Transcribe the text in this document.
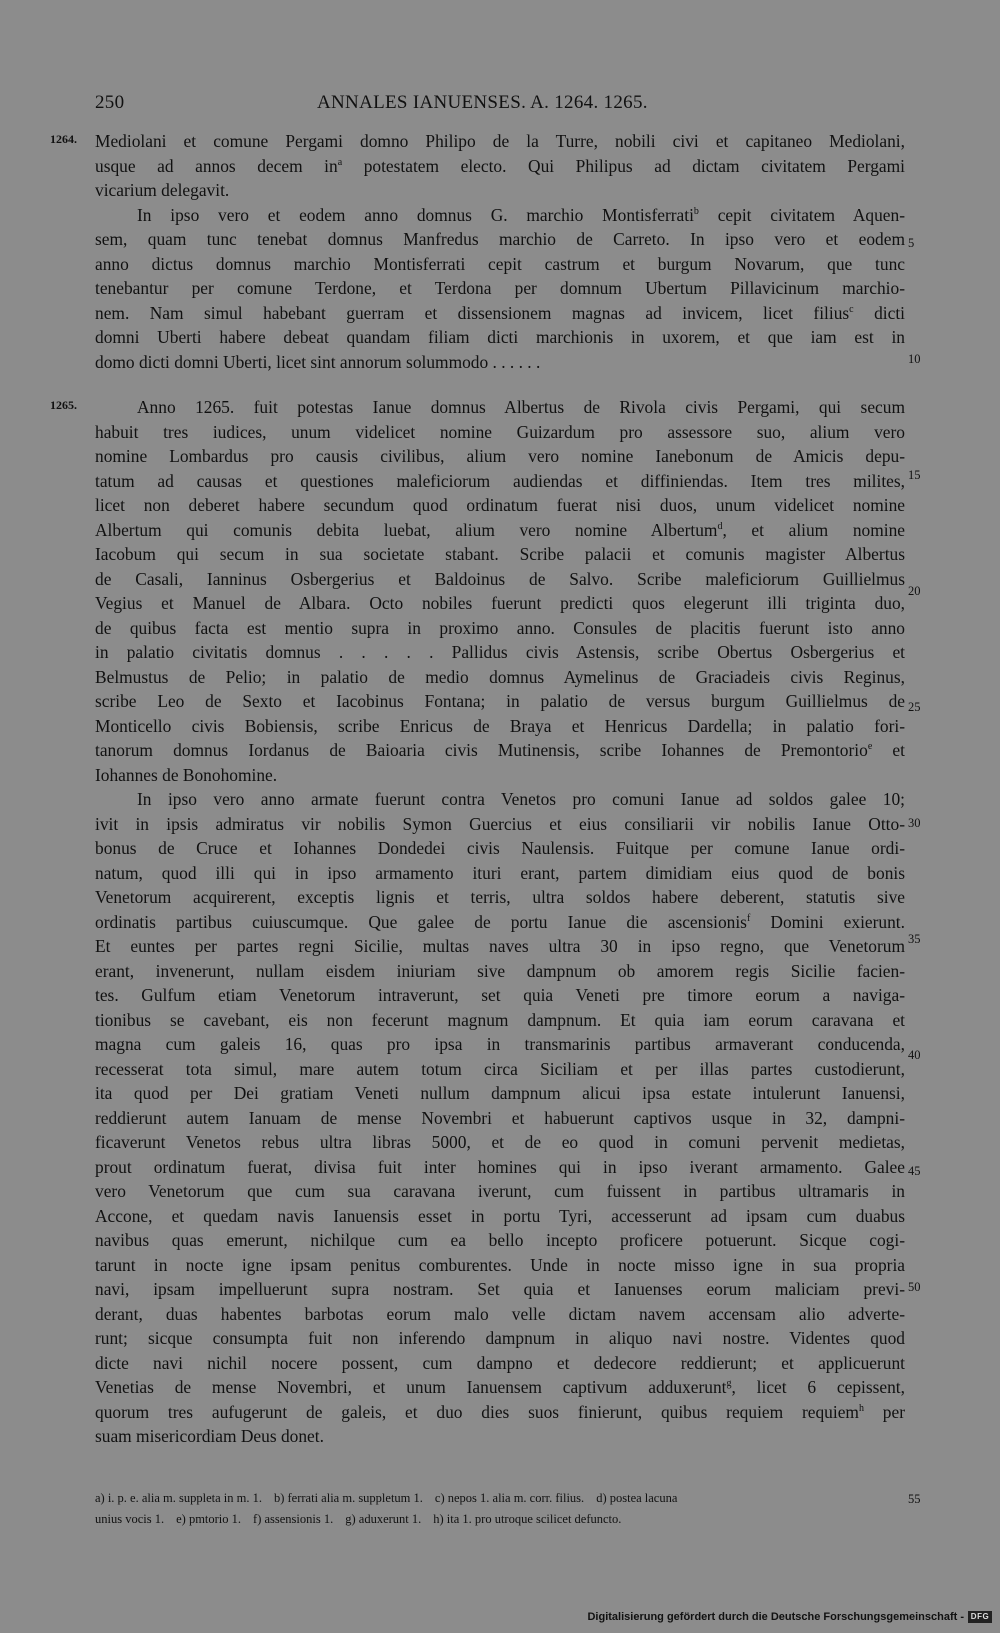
250	ANNALES IANUENSES. A. 1264. 1265.
1264. Mediolani et comune Pergami domno Philipo de la Turre, nobili civi et capitaneo Mediolani,
usque ad annos decem $in^a$ potestatem electo. Qui Philipus ad dictam civitatem Pergami
vicarium delegavit.
In ipso vero et eodem anno domnus G. marchio Montisferrati$^b$ cepit civitatem Aquen-
sem, quam tunc tenebat domnus Manfredus marchio de Carreto. In ipso vero et eodem
anno dictus domnus marchio Montisferrati cepit castrum et burgum Novarum, que tunc
tenebantur per comune Terdone, et Terdona per domnum Ubertum Pillavicinum marchio-
nem. Nam simul habebant guerram et dissensionem magnas ad invicem, licet filius$^c$ dicti
domni Uberti habere debeat quandam filiam dicti marchionis in uxorem, et que iam est in
domo dicti domni Uberti, licet sint annorum solummodo . . . . . .
1265.	Anno 1265. fuit potestas Ianue domnus Albertus de Rivola civis Pergami, qui secum
habuit tres iudices, unum videlicet nomine Guizardum pro assessore suo, alium vero
nomine Lombardus pro causis civilibus, alium vero nomine Ianebonum de Amicis depu-
tatum ad causas et questiones maleficiorum audiendas et diffiniendas. Item tres milites,
licet non deberet habere secundum quod ordinatum fuerat nisi duos, unum videlicet nomine
Albertum qui comunis debita luebat, alium vero nomine Albertum$^d$, et alium nomine
Iacobum qui secum in sua societate stabant. Scribe palacii et comunis magister Albertus
de Casali, Ianninus Osbergerius et Baldoinus de Salvo. Scribe maleficiorum Guillielmus
Vegius et Manuel de Albara. Octo nobiles fuerunt predicti quos elegerunt illi triginta duo,
de quibus facta est mentio supra in proximo anno. Consules de placitis fuerunt isto anno
in palatio civitatis domnus . . . . . Pallidus civis Astensis, scribe Obertus Osbergerius et
Belmustus de Pelio; in palatio de medio domnus Aymelinus de Graciadeis civis Reginus,
scribe Leo de Sexto et Iacobinus Fontana; in palatio de versus burgum Guillielmus de
Monticello civis Bobiensis, scribe Enricus de Braya et Henricus Dardella; in palatio fori-
tanorum domnus Iordanus de Baioaria civis Mutinensis, scribe Iohannes de Premontorio$^e$ et
Iohannes de Bonohomine.
In ipso vero anno armate fuerunt contra Venetos pro comuni Ianue ad soldos galee 10;
ivit in ipsis admiratus vir nobilis Symon Guercius et eius consiliarii vir nobilis Ianue Otto-
bonus de Cruce et Iohannes Dondedei civis Naulensis. Fuitque per comune Ianue ordi-
natum, quod illi qui in ipso armamento ituri erant, partem dimidiam eius quod de bonis
Venetorum acquirerent, exceptis lignis et terris, ultra soldos habere deberent, statutis sive
ordinatis partibus cuiuscumque. Que galee de portu Ianue die ascensionis$^f$ Domini exierunt.
Et euntes per partes regni Sicilie, multas naves ultra 30 in ipso regno, que Venetorum
erant, invenerunt, nullam eisdem iniuriam sive dampnum ob amorem regis Sicilie facien-
tes. Gulfum etiam Venetorum intraverunt, set quia Veneti pre timore eorum a naviga-
tionibus se cavebant, eis non fecerunt magnum dampnum. Et quia iam eorum caravana et
magna cum galeis 16, quas pro ipsa in transmarinis partibus armaverant conducenda,
recesserat tota simul, mare autem totum circa Siciliam et per illas partes custodierunt,
ita quod per Dei gratiam Veneti nullum dampnum alicui ipsa estate intulerunt Ianuensi,
reddierunt autem Ianuam de mense Novembri et habuerunt captivos usque in 32, dampni-
ficaverunt Venetos rebus ultra libras 5000, et de eo quod in comuni pervenit medietas,
prout ordinatum fuerat, divisa fuit inter homines qui in ipso iverant armamento. Galee
vero Venetorum que cum sua caravana iverunt, cum fuissent in partibus ultramaris in
Accone, et quedam navis Ianuensis esset in portu Tyri, accesserunt ad ipsam cum duabus
navibus quas emerunt, nichilque cum ea bello incepto proficere potuerunt. Sicque cogi-
tarunt in nocte igne ipsam penitus comburentes. Unde in nocte misso igne in sua propria
navi, ipsam impelluerunt supra nostram. Set quia et Ianuenses eorum maliciam previ-
derant, duas habentes barbotas eorum malo velle dictam navem accensam alio adverte-
runt; sicque consumpta fuit non inferendo dampnum in aliquo navi nostre. Videntes quod
dicte navi nichil nocere possent, cum dampno et dedecore reddierunt; et applicuerunt
Venetias de mense Novembri, et unum Ianuensem captivum adduxerunt$^g$, licet 6 cepissent,
quorum tres aufugerunt de galeis, et duo dies suos finierunt, quibus requiem requiem$^h$ per
suam misericordiam Deus donet.
5
10
15
20
25
30
35
40
45
50
55
a) i. p. e. alia m. suppleta in m. 1. b) ferrati alia m. suppletum 1. c) nepos 1. alia m. corr. filius. d) postea lacuna
unius vocis 1. e) pmtorio 1. f) assensionis 1. g) aduxerunt 1. h) ita 1. pro utroque scilicet defuncto.
Digitalisierung gefördert durch die Deutsche Forschungsgemeinschaft - DFG
